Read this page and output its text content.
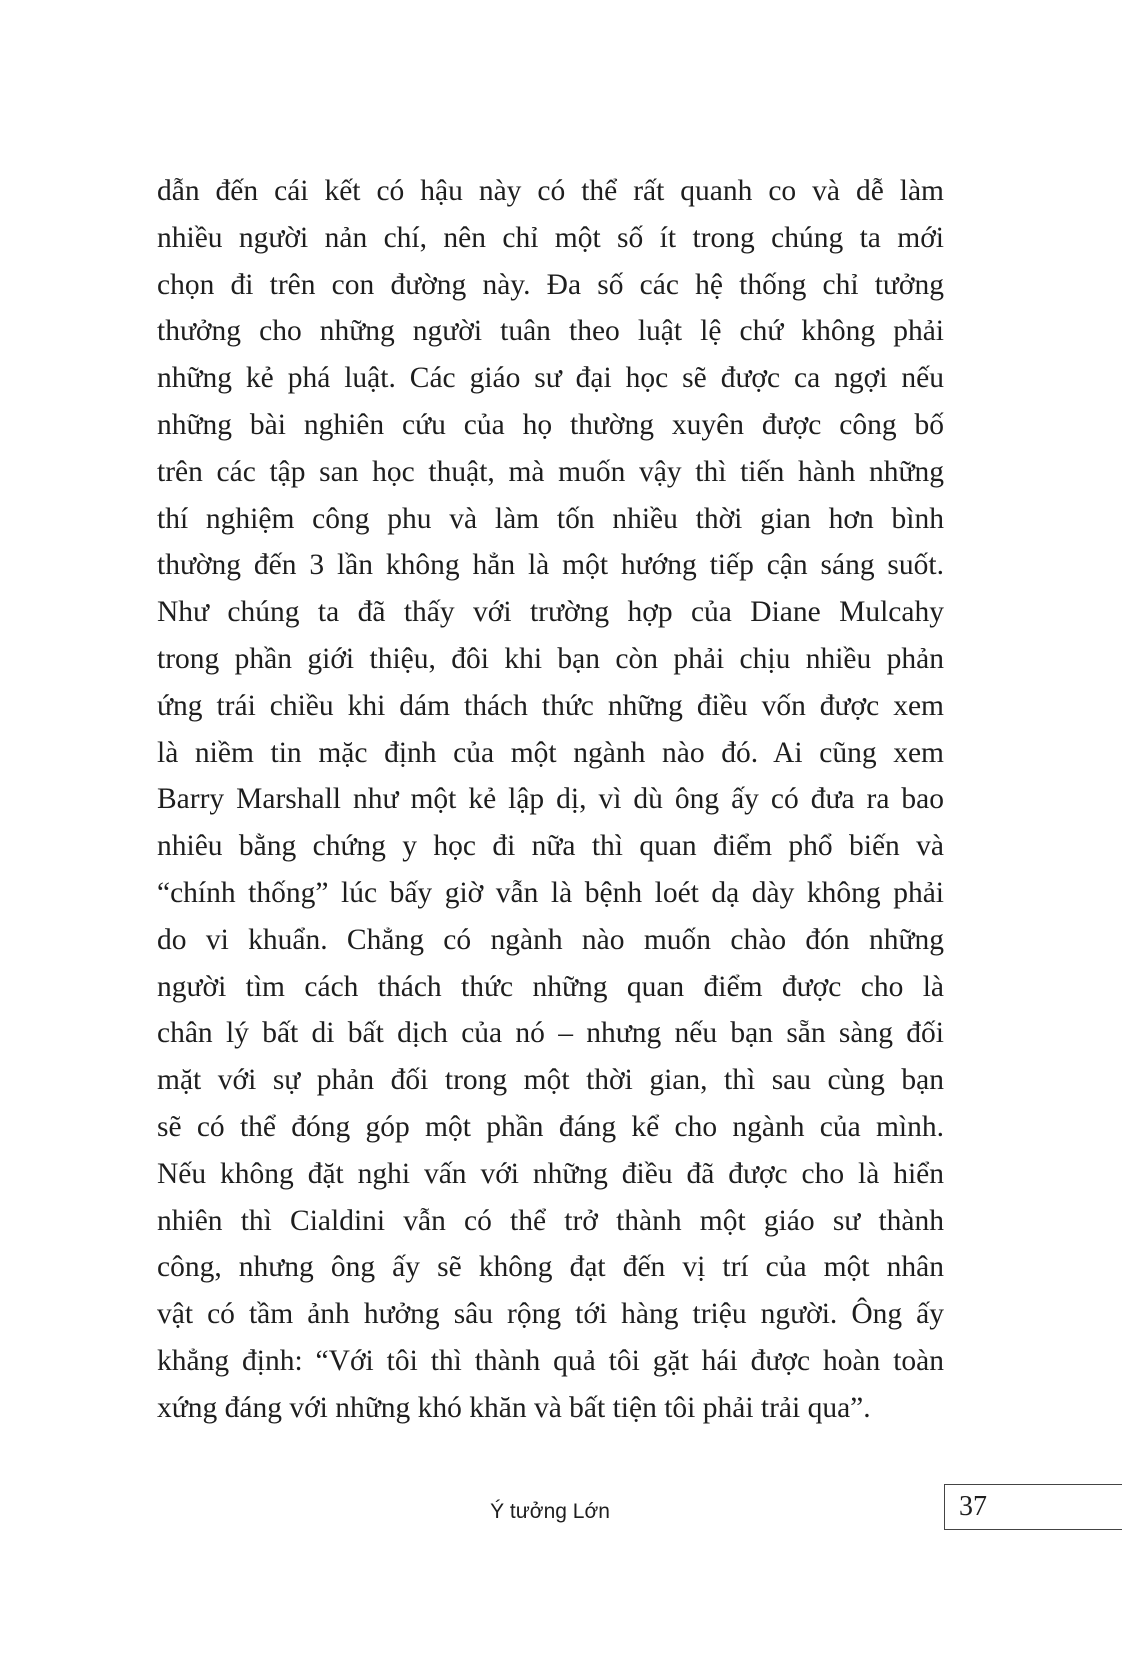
dẫn đến cái kết có hậu này có thể rất quanh co và dễ làm
nhiều người nản chí, nên chỉ một số ít trong chúng ta mới
chọn đi trên con đường này. Đa số các hệ thống chỉ tưởng
thưởng cho những người tuân theo luật lệ chứ không phải
những kẻ phá luật. Các giáo sư đại học sẽ được ca ngợi nếu
những bài nghiên cứu của họ thường xuyên được công bố
trên các tập san học thuật, mà muốn vậy thì tiến hành những
thí nghiệm công phu và làm tốn nhiều thời gian hơn bình
thường đến 3 lần không hẳn là một hướng tiếp cận sáng suốt.
Như chúng ta đã thấy với trường hợp của Diane Mulcahy
trong phần giới thiệu, đôi khi bạn còn phải chịu nhiều phản
ứng trái chiều khi dám thách thức những điều vốn được xem
là niềm tin mặc định của một ngành nào đó. Ai cũng xem
Barry Marshall như một kẻ lập dị, vì dù ông ấy có đưa ra bao
nhiêu bằng chứng y học đi nữa thì quan điểm phổ biến và
“chính thống” lúc bấy giờ vẫn là bệnh loét dạ dày không phải
do vi khuẩn. Chẳng có ngành nào muốn chào đón những
người tìm cách thách thức những quan điểm được cho là
chân lý bất di bất dịch của nó – nhưng nếu bạn sẵn sàng đối
mặt với sự phản đối trong một thời gian, thì sau cùng bạn
sẽ có thể đóng góp một phần đáng kể cho ngành của mình.
Nếu không đặt nghi vấn với những điều đã được cho là hiển
nhiên thì Cialdini vẫn có thể trở thành một giáo sư thành
công, nhưng ông ấy sẽ không đạt đến vị trí của một nhân
vật có tầm ảnh hưởng sâu rộng tới hàng triệu người. Ông ấy
khẳng định: “Với tôi thì thành quả tôi gặt hái được hoàn toàn
xứng đáng với những khó khăn và bất tiện tôi phải trải qua”.
Ý tưởng Lớn	37
